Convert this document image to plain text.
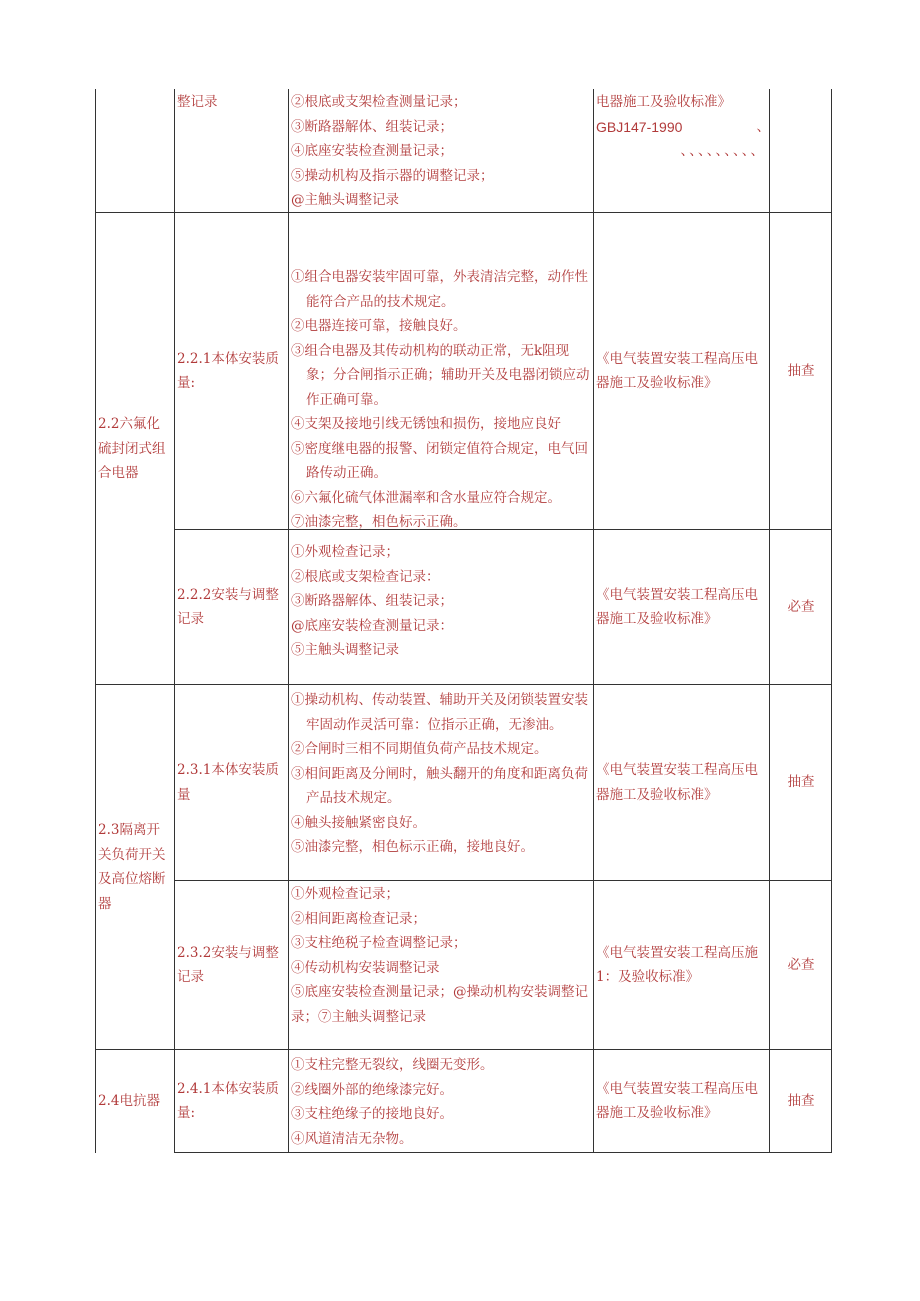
整记录	②根底或支架检查测量记录；
③断路器解体、组装记录；
④底座安装检查测量记录；
⑤操动机构及指示器的调整记录；
@主触头调整记录
电器施工及验收标准》
GBJ147-1990	、
、、、、、、、、、
2.2六氟化硫封闭式组合电器
2.2.1本体安装质量:
①组合电器安装牢固可靠，外表清洁完整，动作性能符合产品的技术规定。
②电器连接可靠，接触良好。
③组合电器及其传动机构的联动正常，无k阻现象；分合闸指示正确；辅助开关及电器闭锁应动作正确可靠。
④支架及接地引线无锈蚀和损伤，接地应良好
⑤密度继电器的报警、闭锁定值符合规定，电气回路传动正确。
⑥六氟化硫气体泄漏率和含水量应符合规定。
⑦油漆完整，相色标示正确。
《电气装置安装工程高压电器施工及验收标准》
抽查
2.2.2安装与调整记录
①外观检查记录；
②根底或支架检查记录：
③断路器解体、组装记录；
@底座安装检查测量记录：
⑤主触头调整记录
《电气装置安装工程高压电器施工及验收标准》
必查
2.3隔离开关负荷开关及高位熔断器
2.3.1本体安装质量
①操动机构、传动装置、辅助开关及闭锁装置安装牢固动作灵活可靠：位指示正确，无渗油。
②合闸时三相不同期值负荷产品技术规定。
③相间距离及分闸时，触头翻开的角度和距离负荷产品技术规定。
④触头接触紧密良好。
⑤油漆完整，相色标示正确，接地良好。
《电气装置安装工程高压电器施工及验收标准》
抽查
2.3.2安装与调整记录
①外观检查记录；
②相间距离检查记录；
③支柱绝税子检查调整记录；
④传动机构安装调整记录
⑤底座安装检查测量记录；@操动机构安装调整记录；⑦主触头调整记录
《电气装置安装工程高压施1：及验收标准》
必查
2.4电抗器
2.4.1本体安装质量:
①支柱完整无裂纹，线圈无变形。
②线圈外部的绝缘漆完好。
③支柱绝缘子的接地良好。
④风道清洁无杂物。
《电气装置安装工程高压电器施工及验收标准》
抽查
